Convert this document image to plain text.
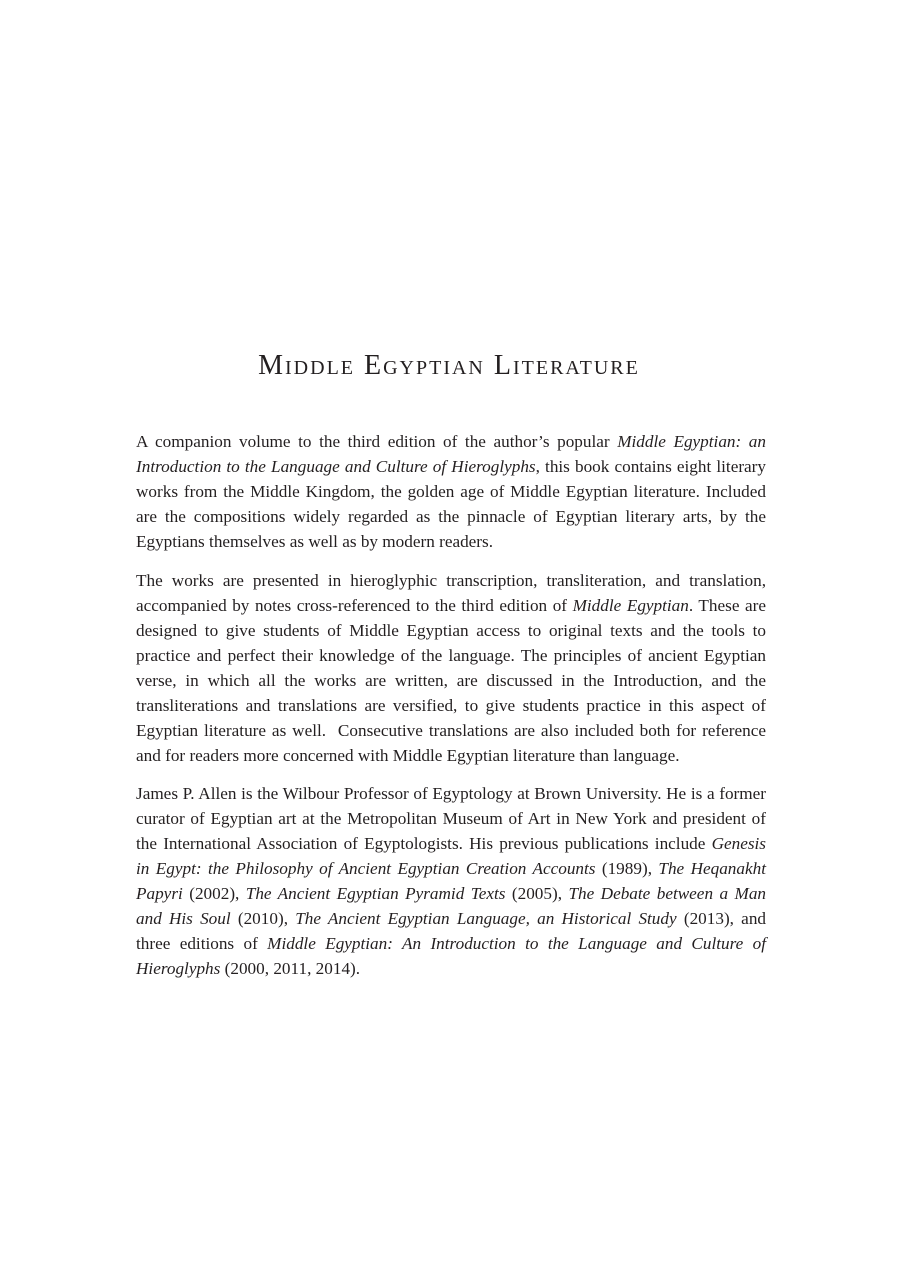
Middle Egyptian Literature

A companion volume to the third edition of the author’s popular Middle Egyptian: an Introduction to the Language and Culture of Hieroglyphs, this book contains eight literary works from the Middle Kingdom, the golden age of Middle Egyptian literature. Included are the compositions widely regarded as the pinnacle of Egyptian literary arts, by the Egyptians themselves as well as by modern readers.

The works are presented in hieroglyphic transcription, transliteration, and translation, accompanied by notes cross-referenced to the third edition of Middle Egyptian. These are designed to give students of Middle Egyptian access to original texts and the tools to practice and perfect their knowledge of the language. The principles of ancient Egyptian verse, in which all the works are written, are discussed in the Introduction, and the transliterations and translations are versified, to give students practice in this aspect of Egyptian literature as well.  Consecutive translations are also included both for reference and for readers more concerned with Middle Egyptian literature than language.

James P. Allen is the Wilbour Professor of Egyptology at Brown University. He is a former curator of Egyptian art at the Metropolitan Museum of Art in New York and president of the International Association of Egyptologists. His previous publications include Genesis in Egypt: the Philosophy of Ancient Egyptian Creation Accounts (1989), The Heqanakht Papyri (2002), The Ancient Egyptian Pyramid Texts (2005), The Debate between a Man and His Soul (2010), The Ancient Egyptian Language, an Historical Study (2013), and three editions of Middle Egyptian: An Introduction to the Language and Culture of Hieroglyphs (2000, 2011, 2014).
